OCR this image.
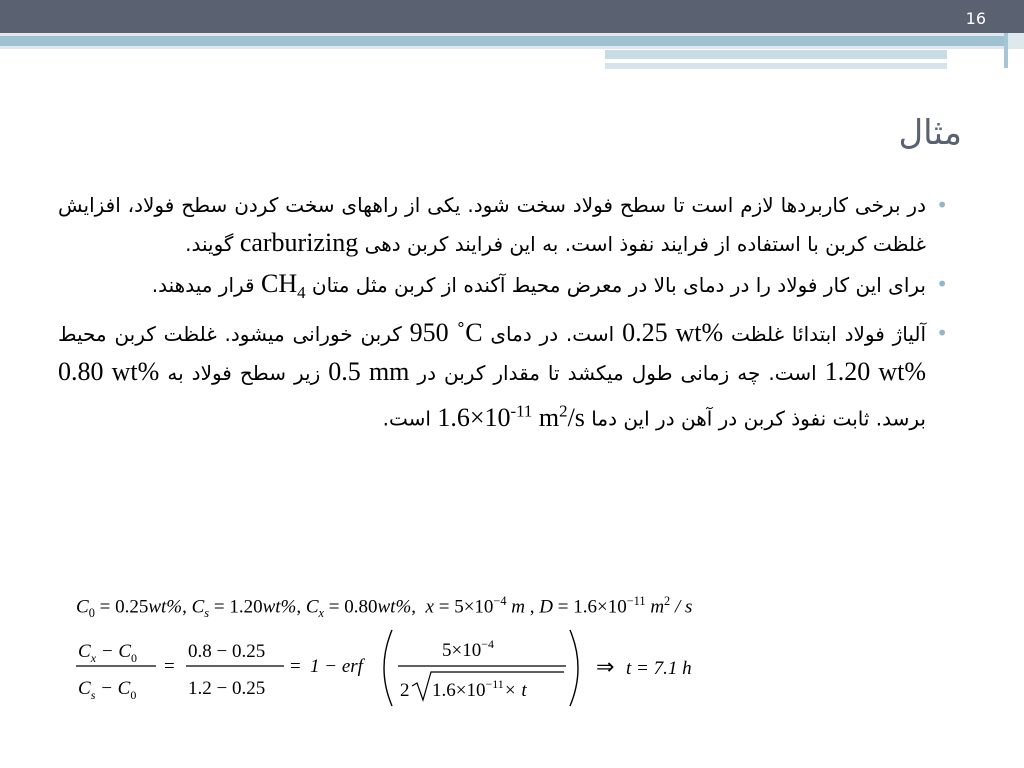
16
مثال

• در برخی کاربردها لازم است تا سطح فولاد سخت شود. یکی از راههای سخت کردن سطح فولاد، افزایش غلظت کربن با استفاده از فرایند نفوذ است. به این فرایند کربن دهی carburizing گویند.

• برای این کار فولاد را در دمای بالا در معرض محیط آکنده از کربن مثل متان $CH_4$ قرار میدهند.

• آلیاژ فولاد ابتدائا غلظت 0.25 wt% است. در دمای 950 ˚C کربن خورانی میشود. غلظت کربن محیط 1.20 wt% است. چه زمانی طول میکشد تا مقدار کربن در 0.5 mm زیر سطح فولاد به 0.80 wt% برسد. ثابت نفوذ کربن در آهن در این دما $1.6\times 10^{-11}$ $m^2/s$ است.

$C_0 = 0.25wt\%$, $C_s = 1.20wt\%$, $C_x = 0.80wt\%$,  $x = 5\times 10^{-4}$ m , $D = 1.6\times 10^{-11}$ $m^2$ / s
$C_x - C_0$
$C_s - C_0$
=
0.8 − 0.25
1.2 − 0.25
= 1 − erf
$5\times 10^{-4}$
2 $1.6\times 10^{-11}\times t$
⇒ t = 7.1 h
